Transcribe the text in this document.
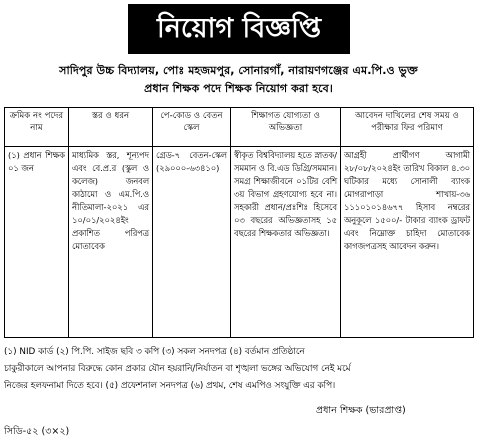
নিয়োগ বিজ্ঞপ্তি
সাদিপুর উচ্চ বিদ্যালয়, পোঃ মহজমপুর, সোনারগাঁ, নারায়ণগঞ্জের এম.পি.ও ভুক্ত
প্রধান শিক্ষক পদে শিক্ষক নিয়োগ করা হবে।
ক্রমিক নং পদের নাম	স্তর ও ধরন	পে-কোড ও বেতন স্কেল	শিক্ষাগত যোগ্যতা ও অভিজ্ঞতা	আবেদন দাখিলের শেষ সময় ও পরীক্ষার ফির পরিমাণ
(১) প্রধান শিক্ষক ০১ জন	মাধ্যমিক স্তর, শূন্যপদ এবং বে.প্র.র (স্কুল ও কলেজ) জনবল কাঠামো ও এম.পি.ও নীতিমালা-২০২১ এর ১০/০১/২০২৪ইং প্রকাশিত পরিপত্র মোতাবেক	গ্রেড-৭ বেতন-স্কেল (২৯০০০-৬৩৪১০)	স্বীকৃত বিশ্ববিদ্যালয় হতে স্নাতক/সমমান ও বি.এড ডিগ্রি/সমমান। সমগ্র শিক্ষাজীবনে ০১টির বেশি ৩য় বিভাগ গ্রহণযোগ্য হবে না। সহকারী প্রধান/প্রঃশিঃ হিসেবে ০৩ বছরের অভিজ্ঞতাসহ ১৫ বছরের শিক্ষকতার অভিজ্ঞতা।	আগ্রহী প্রার্থীগণ আগামী ২৮/০৮/২০২৪ইং তারিখ বিকাল ৪.৩০ ঘটিকার মধ্যে সোনালী ব্যাংক মোগরাপাড়া শাখায়-৩৬ ১১১০১০১৪৬৭৭ হিসাব নম্বরের অনুকূলে ১৫০০/- টাকার ব্যাংক ড্রাফট এবং নিম্নোক্ত চাহিদা মোতাবেক কাগজপত্রসহ আবেদন করুন।
(১) NID কার্ড (২) পি.পি. সাইজ ছবি ৩ কপি (৩) সকল সনদপত্র (৪) বর্তমান প্রতিষ্ঠানে
চাকুরীকালে আপনার বিরুদ্ধে কোন প্রকার যৌন হয়রানি/নির্যাতন বা শৃঙ্খলা ভঙ্গের অভিযোগ নেই মর্মে
নিজের হলফনামা দিতে হবে। (৫) প্রফেশনাল সনদপত্র (৬) প্রথম, শেষ এমপিও সংযুক্তি এর কপি।
প্রধান শিক্ষক (ভারপ্রাপ্ত)
সিডি-৫২ (৩×২)
